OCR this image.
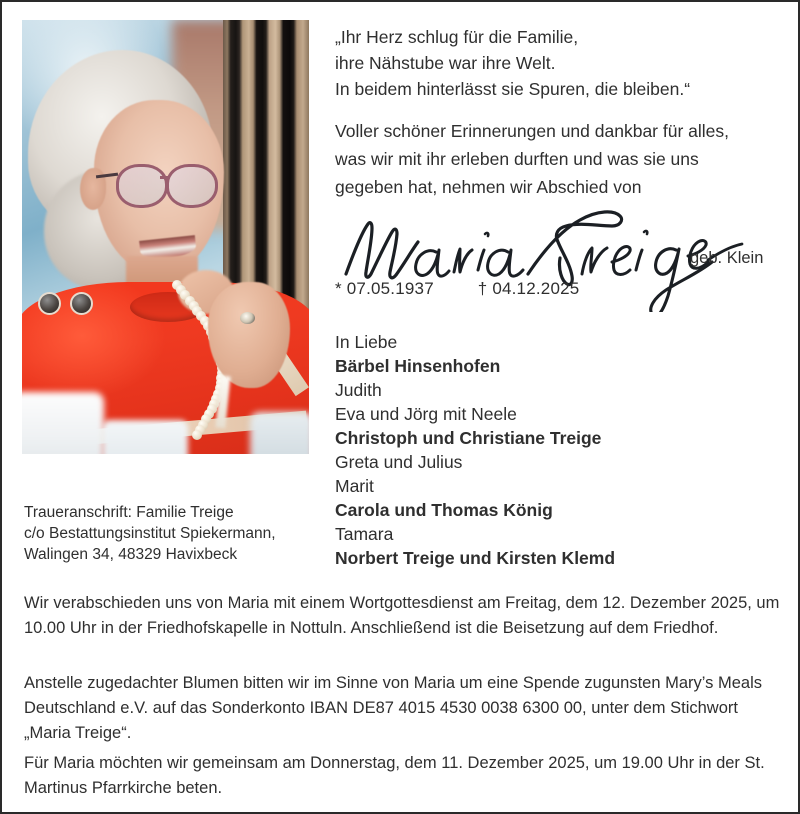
„Ihr Herz schlug für die Familie,
ihre Nähstube war ihre Welt.
In beidem hinterlässt sie Spuren, die bleiben.“
Voller schöner Erinnerungen und dankbar für alles,
was wir mit ihr erleben durften und was sie uns
gegeben hat, nehmen wir Abschied von
geb. Klein
* 07.05.1937	† 04.12.2025
In Liebe
Bärbel Hinsenhofen
Judith
Eva und Jörg mit Neele
Christoph und Christiane Treige
Greta und Julius
Marit
Carola und Thomas König
Tamara
Norbert Treige und Kirsten Klemd
Traueranschrift: Familie Treige
c/o Bestattungsinstitut Spiekermann,
Walingen 34, 48329 Havixbeck
Wir verabschieden uns von Maria mit einem Wortgottesdienst am Freitag, dem 12. Dezember 2025, um 10.00 Uhr in der Friedhofskapelle in Nottuln. Anschließend ist die Beisetzung auf dem Friedhof.
Anstelle zugedachter Blumen bitten wir im Sinne von Maria um eine Spende zugunsten Mary’s Meals Deutschland e.V. auf das Sonderkonto IBAN DE87 4015 4530 0038 6300 00, unter dem Stichwort „Maria Treige“.
Für Maria möchten wir gemeinsam am Donnerstag, dem 11. Dezember 2025, um 19.00 Uhr in der St. Martinus Pfarrkirche beten.
